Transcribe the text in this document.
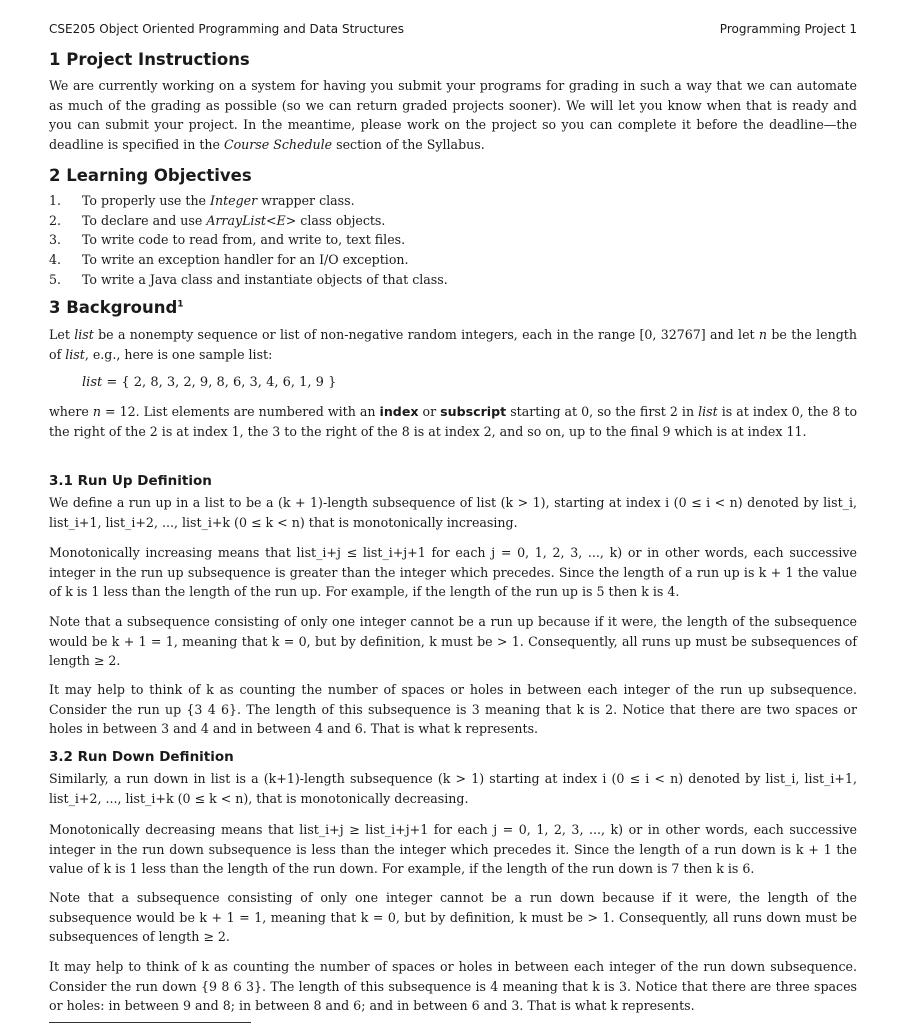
CSE205 Object Oriented Programming and Data Structures	Programming Project 1
1 Project Instructions
We are currently working on a system for having you submit your programs for grading in such a way that we can automate as much of the grading as possible (so we can return graded projects sooner). We will let you know when that is ready and you can submit your project. In the meantime, please work on the project so you can complete it before the deadline—the deadline is specified in the Course Schedule section of the Syllabus.
2 Learning Objectives
1. To properly use the Integer wrapper class.
2. To declare and use ArrayList<E> class objects.
3. To write code to read from, and write to, text files.
4. To write an exception handler for an I/O exception.
5. To write a Java class and instantiate objects of that class.
3 Background$^1$
Let list be a nonempty sequence or list of non-negative random integers, each in the range [0, 32767] and let n be the length of list, e.g., here is one sample list:
list = { 2, 8, 3, 2, 9, 8, 6, 3, 4, 6, 1, 9 }
where n = 12. List elements are numbered with an index or subscript starting at 0, so the first 2 in list is at index 0, the 8 to the right of the 2 is at index 1, the 3 to the right of the 8 is at index 2, and so on, up to the final 9 which is at index 11.
3.1 Run Up Definition
We define a run up in a list to be a (k + 1)-length subsequence of list (k > 1), starting at index i (0 ≤ i < n) denoted by list_i, list_i+1, list_i+2, ..., list_i+k (0 ≤ k < n) that is monotonically increasing.
Monotonically increasing means that list_i+j ≤ list_i+j+1 for each j = 0, 1, 2, 3, ..., k) or in other words, each successive integer in the run up subsequence is greater than the integer which precedes. Since the length of a run up is k + 1 the value of k is 1 less than the length of the run up. For example, if the length of the run up is 5 then k is 4.
Note that a subsequence consisting of only one integer cannot be a run up because if it were, the length of the subsequence would be k + 1 = 1, meaning that k = 0, but by definition, k must be > 1. Consequently, all runs up must be subsequences of length ≥ 2.
It may help to think of k as counting the number of spaces or holes in between each integer of the run up subsequence. Consider the run up {3 4 6}. The length of this subsequence is 3 meaning that k is 2. Notice that there are two spaces or holes in between 3 and 4 and in between 4 and 6. That is what k represents.
3.2 Run Down Definition
Similarly, a run down in list is a (k+1)-length subsequence (k > 1) starting at index i (0 ≤ i < n) denoted by list_i, list_i+1, list_i+2, ..., list_i+k (0 ≤ k < n), that is monotonically decreasing.
Monotonically decreasing means that list_i+j ≥ list_i+j+1 for each j = 0, 1, 2, 3, ..., k) or in other words, each successive integer in the run down subsequence is less than the integer which precedes it. Since the length of a run down is k + 1 the value of k is 1 less than the length of the run down. For example, if the length of the run down is 7 then k is 6.
Note that a subsequence consisting of only one integer cannot be a run down because if it were, the length of the subsequence would be k + 1 = 1, meaning that k = 0, but by definition, k must be > 1. Consequently, all runs down must be subsequences of length ≥ 2.
It may help to think of k as counting the number of spaces or holes in between each integer of the run down subsequence. Consider the run down {9 8 6 3}. The length of this subsequence is 4 meaning that k is 3. Notice that there are three spaces or holes: in between 9 and 8; in between 8 and 6; and in between 6 and 3. That is what k represents.
